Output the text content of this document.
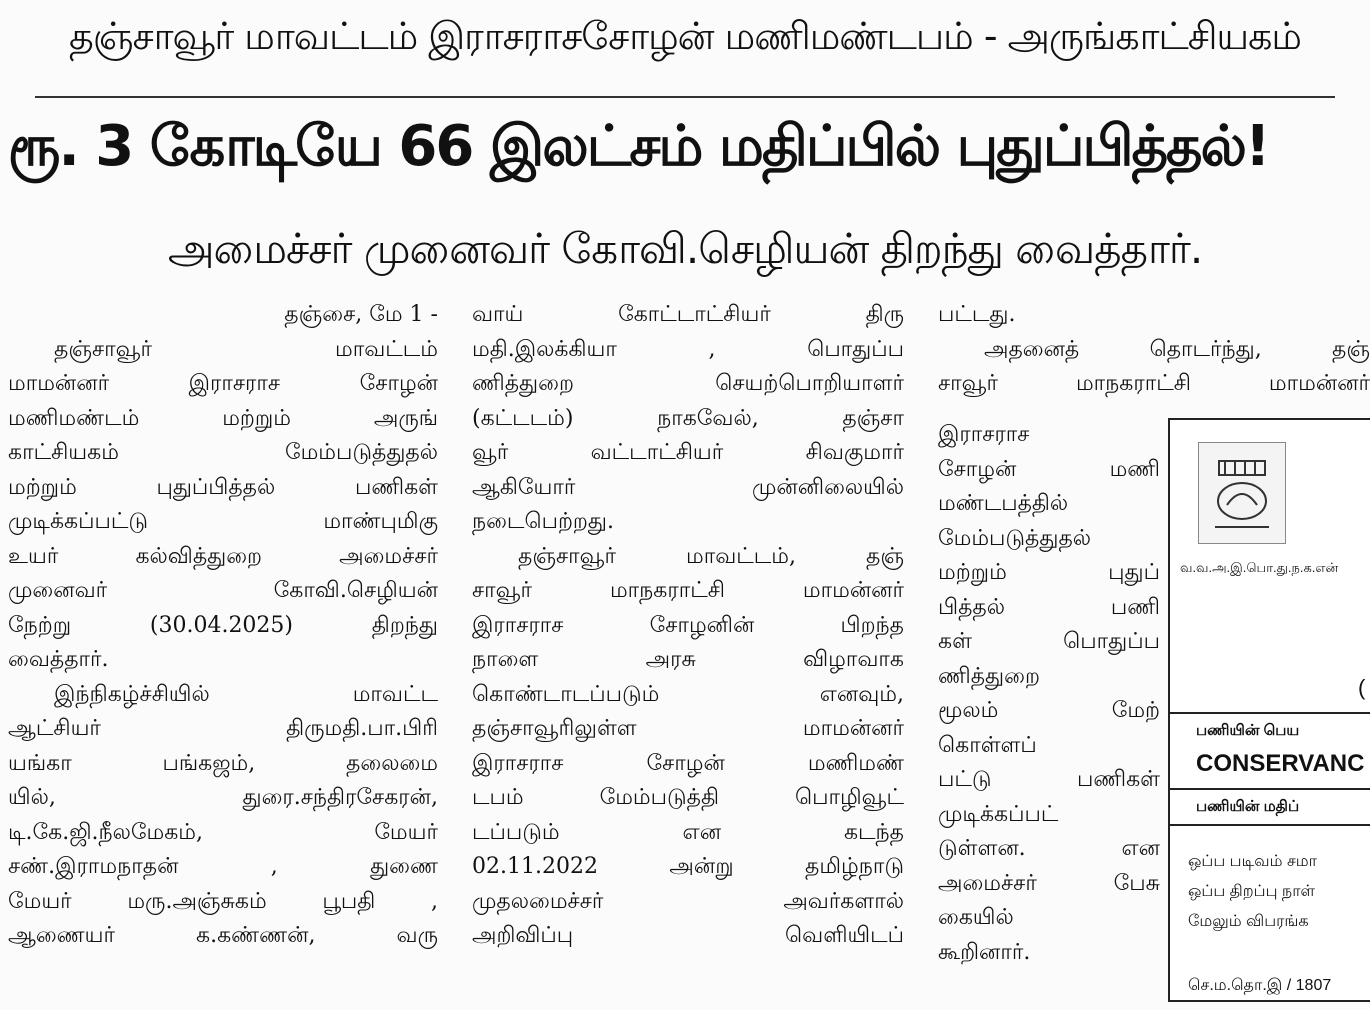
தஞ்சாவூர் மாவட்டம் இராசராசசோழன் மணிமண்டபம் - அருங்காட்சியகம்
ரூ. 3 கோடியே 66 இலட்சம் மதிப்பில் புதுப்பித்தல்!
அமைச்சர் முனைவர் கோவி.செழியன் திறந்து வைத்தார்.
தஞ்சை, மே 1 -
தஞ்சாவூர் மாவட்டம்
மாமன்னர் இராசராச சோழன்
மணிமண்டம் மற்றும் அருங்
காட்சியகம் மேம்படுத்துதல்
மற்றும் புதுப்பித்தல் பணிகள்
முடிக்கப்பட்டு மாண்புமிகு
உயர் கல்வித்துறை அமைச்சர்
முனைவர் கோவி.செழியன்
நேற்று (30.04.2025) திறந்து
வைத்தார்.
இந்நிகழ்ச்சியில் மாவட்ட
ஆட்சியர் திருமதி.பா.பிரி
யங்கா பங்கஜம், தலைமை
யில், துரை.சந்திரசேகரன்,
டி.கே.ஜி.நீலமேகம், மேயர்
சண்.இராமநாதன் , துணை
மேயர் மரு.அஞ்சுகம் பூபதி ,
ஆணையர் க.கண்ணன், வரு
வாய் கோட்டாட்சியர் திரு
மதி.இலக்கியா , பொதுப்ப
ணித்துறை செயற்பொறியாளர்
(கட்டடம்) நாகவேல், தஞ்சா
வூர் வட்டாட்சியர் சிவகுமார்
ஆகியோர் முன்னிலையில்
நடைபெற்றது.
தஞ்சாவூர் மாவட்டம், தஞ்
சாவூர் மாநகராட்சி மாமன்னர்
இராசராச சோழனின் பிறந்த
நாளை அரசு விழாவாக
கொண்டாடப்படும் எனவும்,
தஞ்சாவூரிலுள்ள மாமன்னர்
இராசராச சோழன் மணிமண்
டபம் மேம்படுத்தி பொழிவூட்
டப்படும் என கடந்த
02.11.2022 அன்று தமிழ்நாடு
முதலமைச்சர் அவர்களால்
அறிவிப்பு வெளியிடப்
பட்டது.
அதனைத் தொடர்ந்து, தஞ்
சாவூர் மாநகராட்சி மாமன்னர்
இராசராச
சோழன் மணி
மண்டபத்தில்
மேம்படுத்துதல்
மற்றும் புதுப்
பித்தல் பணி
கள் பொதுப்ப
ணித்துறை
மூலம் மேற்
கொள்ளப்
பட்டு பணிகள்
முடிக்கப்பட்
டுள்ளன. என
அமைச்சர் பேசு
கையில்
கூறினார்.
வ.வ.அ.இ.பொ.து.ந.க.என்
(
பணியின் பெய
CONSERVANC
பணியின் மதிப்
ஒப்ப படிவம் சமா
ஒப்ப திறப்பு நாள்
மேலும் விபரங்க
செ.ம.தொ.இ / 1807
